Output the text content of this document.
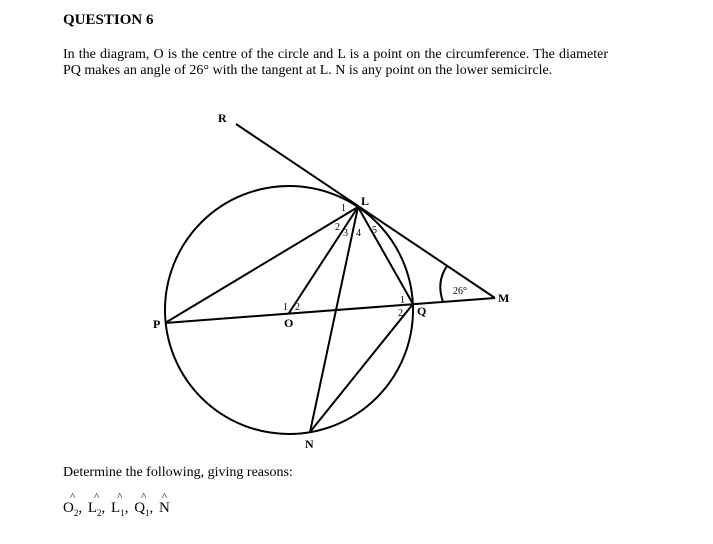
QUESTION 6
In the diagram, O is the centre of the circle and L is a point on the circumference. The diameter PQ makes an angle of 26° with the tangent at L. N is any point on the lower semicircle.
R
L
P	O
Q
M
N
1
2
3 4 5
1 2
1
2
26°
Determine the following, giving reasons:
^
$O_2$,
^
$L_2$,
^
$L_1$,
^
$Q_1$,
^
N
